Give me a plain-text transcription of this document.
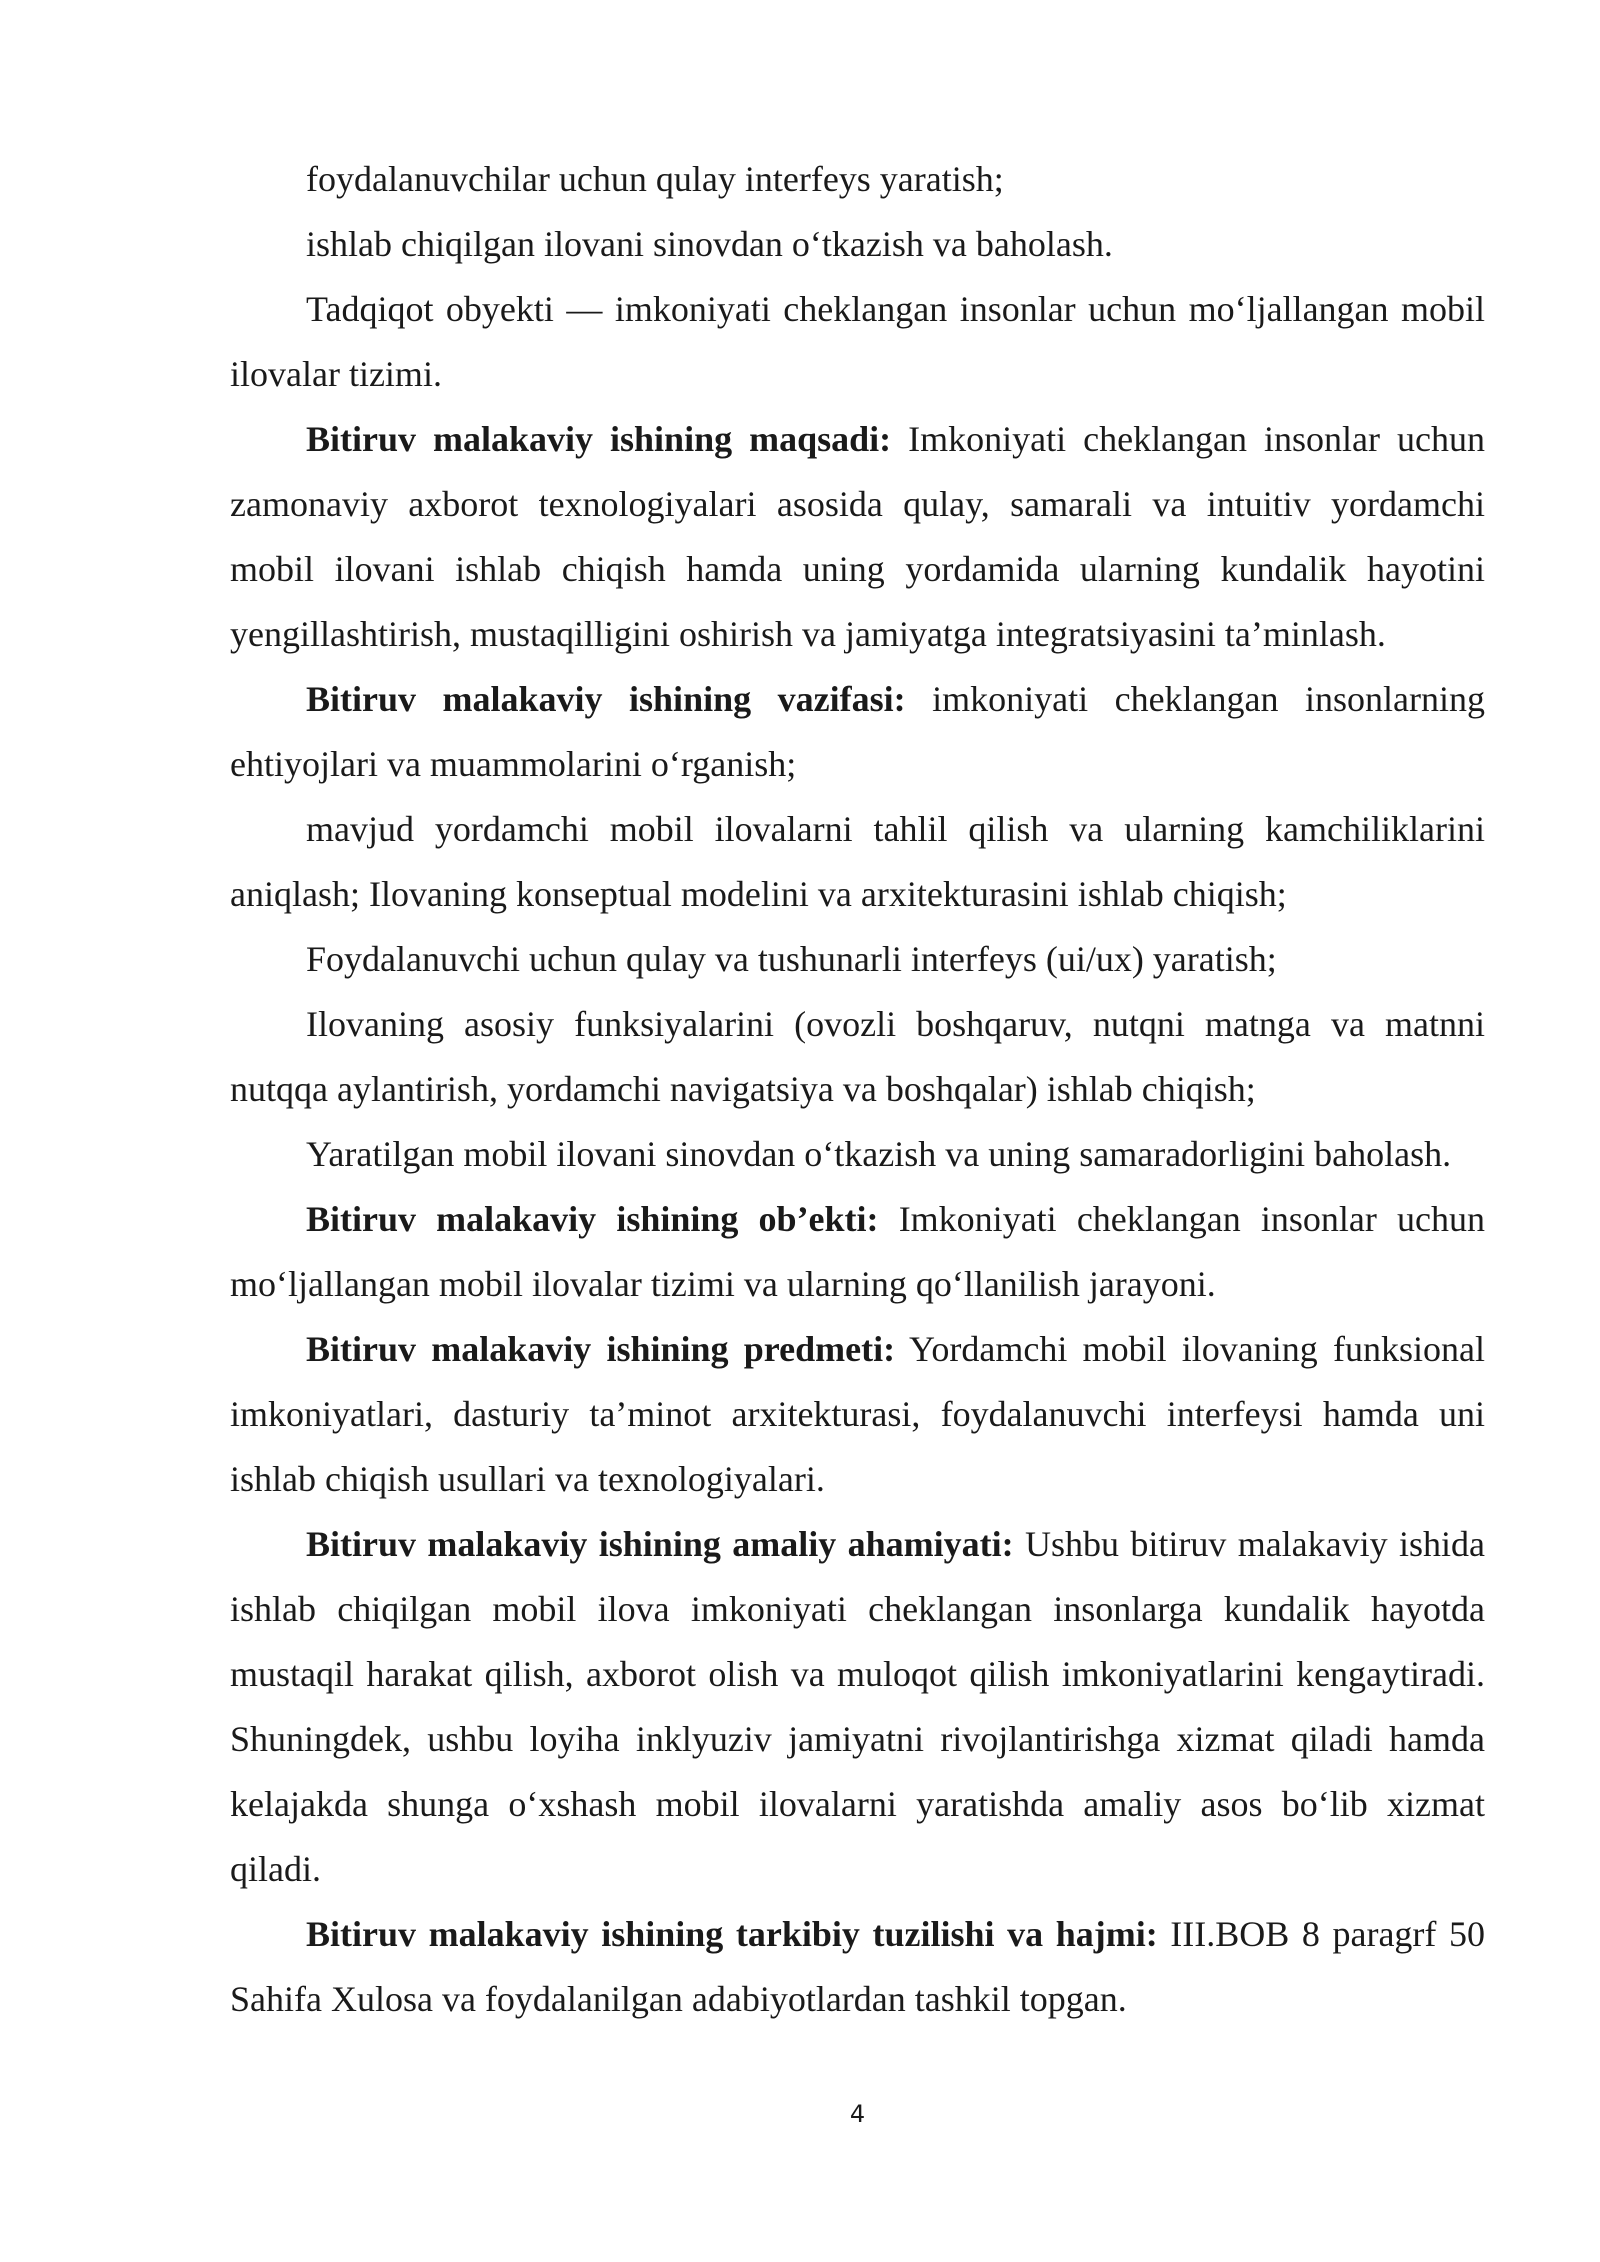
foydalanuvchilar uchun qulay interfeys yaratish;

ishlab chiqilgan ilovani sinovdan o‘tkazish va baholash.

Tadqiqot obyekti — imkoniyati cheklangan insonlar uchun mo‘ljallangan mobil ilovalar tizimi.

Bitiruv malakaviy ishining maqsadi: Imkoniyati cheklangan insonlar uchun zamonaviy axborot texnologiyalari asosida qulay, samarali va intuitiv yordamchi mobil ilovani ishlab chiqish hamda uning yordamida ularning kundalik hayotini yengillashtirish, mustaqilligini oshirish va jamiyatga integratsiyasini ta’minlash.

Bitiruv malakaviy ishining vazifasi: imkoniyati cheklangan insonlarning ehtiyojlari va muammolarini o‘rganish;

mavjud yordamchi mobil ilovalarni tahlil qilish va ularning kamchiliklarini aniqlash; Ilovaning konseptual modelini va arxitekturasini ishlab chiqish;

Foydalanuvchi uchun qulay va tushunarli interfeys (ui/ux) yaratish;

Ilovaning asosiy funksiyalarini (ovozli boshqaruv, nutqni matnga va matnni nutqqa aylantirish, yordamchi navigatsiya va boshqalar) ishlab chiqish;

Yaratilgan mobil ilovani sinovdan o‘tkazish va uning samaradorligini baholash.

Bitiruv malakaviy ishining ob’ekti: Imkoniyati cheklangan insonlar uchun mo‘ljallangan mobil ilovalar tizimi va ularning qo‘llanilish jarayoni.

Bitiruv malakaviy ishining predmeti: Yordamchi mobil ilovaning funksional imkoniyatlari, dasturiy ta’minot arxitekturasi, foydalanuvchi interfeysi hamda uni ishlab chiqish usullari va texnologiyalari.

Bitiruv malakaviy ishining amaliy ahamiyati: Ushbu bitiruv malakaviy ishida ishlab chiqilgan mobil ilova imkoniyati cheklangan insonlarga kundalik hayotda mustaqil harakat qilish, axborot olish va muloqot qilish imkoniyatlarini kengaytiradi. Shuningdek, ushbu loyiha inklyuziv jamiyatni rivojlantirishga xizmat qiladi hamda kelajakda shunga o‘xshash mobil ilovalarni yaratishda amaliy asos bo‘lib xizmat qiladi.

Bitiruv malakaviy ishining tarkibiy tuzilishi va hajmi: III.BOB 8 paragrf 50 Sahifa Xulosa va foydalanilgan adabiyotlardan tashkil topgan.

4
